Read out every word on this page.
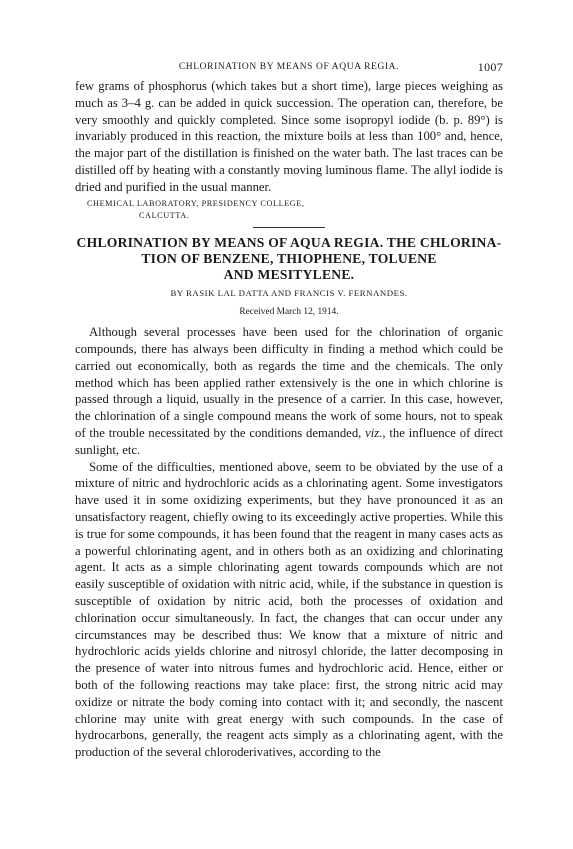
CHLORINATION BY MEANS OF AQUA REGIA.	1007

few grams of phosphorus (which takes but a short time), large pieces weighing as much as 3–4 g. can be added in quick succession. The operation can, therefore, be very smoothly and quickly completed. Since some isopropyl iodide (b. p. 89°) is invariably produced in this reaction, the mixture boils at less than 100° and, hence, the major part of the distillation is finished on the water bath. The last traces can be distilled off by heating with a constantly moving luminous flame. The allyl iodide is dried and purified in the usual manner.

CHEMICAL LABORATORY, PRESIDENCY COLLEGE,
CALCUTTA.
CHLORINATION BY MEANS OF AQUA REGIA. THE CHLORINA-
TION OF BENZENE, THIOPHENE, TOLUENE
AND MESITYLENE.
BY RASIK LAL DATTA AND FRANCIS V. FERNANDES.
Received March 12, 1914.

Although several processes have been used for the chlorination of organic compounds, there has always been difficulty in finding a method which could be carried out economically, both as regards the time and the chemicals. The only method which has been applied rather extensively is the one in which chlorine is passed through a liquid, usually in the presence of a carrier. In this case, however, the chlorination of a single compound means the work of some hours, not to speak of the trouble necessitated by the conditions demanded, viz., the influence of direct sunlight, etc.

Some of the difficulties, mentioned above, seem to be obviated by the use of a mixture of nitric and hydrochloric acids as a chlorinating agent. Some investigators have used it in some oxidizing experiments, but they have pronounced it as an unsatisfactory reagent, chiefly owing to its exceedingly active properties. While this is true for some compounds, it has been found that the reagent in many cases acts as a powerful chlorinating agent, and in others both as an oxidizing and chlorinating agent. It acts as a simple chlorinating agent towards compounds which are not easily susceptible of oxidation with nitric acid, while, if the substance in question is susceptible of oxidation by nitric acid, both the processes of oxidation and chlorination occur simultaneously. In fact, the changes that can occur under any circumstances may be described thus: We know that a mixture of nitric and hydrochloric acids yields chlorine and nitrosyl chloride, the latter decomposing in the presence of water into nitrous fumes and hydrochloric acid. Hence, either or both of the following reactions may take place: first, the strong nitric acid may oxidize or nitrate the body coming into contact with it; and secondly, the nascent chlorine may unite with great energy with such compounds. In the case of hydrocarbons, generally, the reagent acts simply as a chlorinating agent, with the production of the several chloroderivatives, according to the
